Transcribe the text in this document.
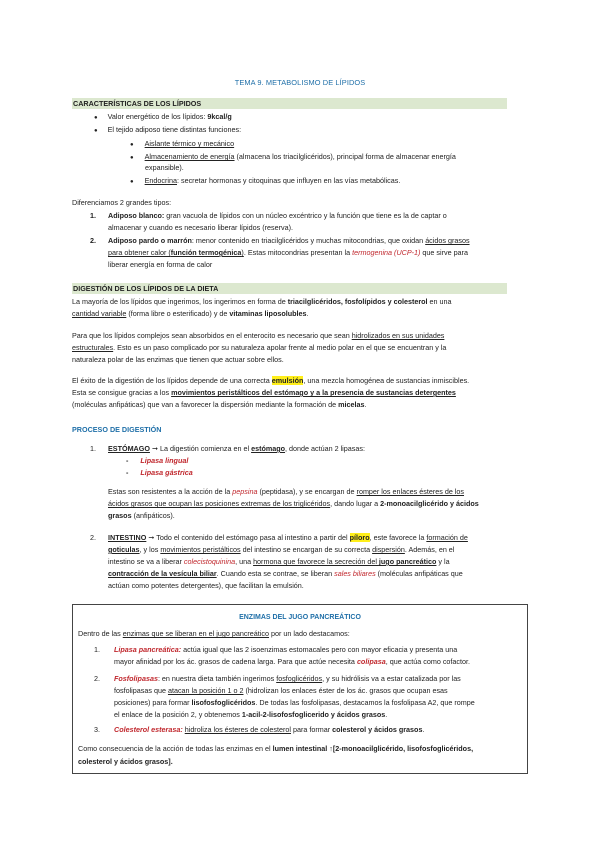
TEMA 9. METABOLISMO DE LÍPIDOS
CARACTERÍSTICAS DE LOS LÍPIDOS
● Valor energético de los lípidos: 9kcal/g
● El tejido adiposo tiene distintas funciones:
● Aislante térmico y mecánico
● Almacenamiento de energía (almacena los triacilglicéridos), principal forma de almacenar energía
expansible).
● Endocrina: secretar hormonas y citoquinas que influyen en las vías metabólicas.
Diferenciamos 2 grandes tipos:
1. Adiposo blanco: gran vacuola de lípidos con un núcleo excéntrico y la función que tiene es la de captar o
almacenar y cuando es necesario liberar lípidos (reserva).
2. Adiposo pardo o marrón: menor contenido en triacilglicéridos y muchas mitocondrias, que oxidan ácidos grasos
para obtener calor (función termogénica). Estas mitocondrias presentan la termogenina (UCP-1) que sirve para
liberar energía en forma de calor
DIGESTIÓN DE LOS LÍPIDOS DE LA DIETA
La mayoría de los lípidos que ingerimos, los ingerimos en forma de triacilglicéridos, fosfolípidos y colesterol en una
cantidad variable (forma libre o esterificado) y de vitaminas liposolubles.
Para que los lípidos complejos sean absorbidos en el enterocito es necesario que sean hidrolizados en sus unidades
estructurales. Esto es un paso complicado por su naturaleza apolar frente al medio polar en el que se encuentran y la
naturaleza polar de las enzimas que tienen que actuar sobre ellos.
El éxito de la digestión de los lípidos depende de una correcta emulsión, una mezcla homogénea de sustancias inmiscibles.
Esta se consigue gracias a los movimientos peristálticos del estómago y a la presencia de sustancias detergentes
(moléculas anfipáticas) que van a favorecer la dispersión mediante la formación de micelas.
PROCESO DE DIGESTIÓN
1. ESTÓMAGO ➞ La digestión comienza en el estómago, donde actúan 2 lipasas:
- Lipasa lingual
- Lipasa gástrica
Estas son resistentes a la acción de la pepsina (peptidasa), y se encargan de romper los enlaces ésteres de los
ácidos grasos que ocupan las posiciones extremas de los triglicéridos, dando lugar a 2-monoacilglicérido y ácidos
grasos (anfipáticos).
2. INTESTINO ➞ Todo el contenido del estómago pasa al intestino a partir del píloro, este favorece la formación de
goticulas, y los movimientos peristálticos del intestino se encargan de su correcta dispersión. Además, en el
intestino se va a liberar colecistoquinina, una hormona que favorece la secreción del jugo pancreático y la
contracción de la vesícula biliar. Cuando esta se contrae, se liberan sales biliares (moléculas anfipáticas que
actúan como potentes detergentes), que facilitan la emulsión.
ENZIMAS DEL JUGO PANCREÁTICO
Dentro de las enzimas que se liberan en el jugo pancreático por un lado destacamos:
1. Lipasa pancreática: actúa igual que las 2 isoenzimas estomacales pero con mayor eficacia y presenta una
mayor afinidad por los ác. grasos de cadena larga. Para que actúe necesita colipasa, que actúa como cofactor.
2. Fosfolipasas: en nuestra dieta también ingerimos fosfoglicéridos, y su hidrólisis va a estar catalizada por las
fosfolipasas que atacan la posición 1 o 2 (hidrolizan los enlaces éster de los ác. grasos que ocupan esas
posiciones) para formar lisofosfoglicéridos. De todas las fosfolipasas, destacamos la fosfolipasa A2, que rompe
el enlace de la posición 2, y obtenemos 1-acil-2-lisofosfoglicerido y ácidos grasos.
3. Colesterol esterasa: hidroliza los ésteres de colesterol para formar colesterol y ácidos grasos.
Como consecuencia de la acción de todas las enzimas en el lumen intestinal ↑[2-monoacilglicérido, lisofosfoglicéridos,
colesterol y ácidos grasos].
